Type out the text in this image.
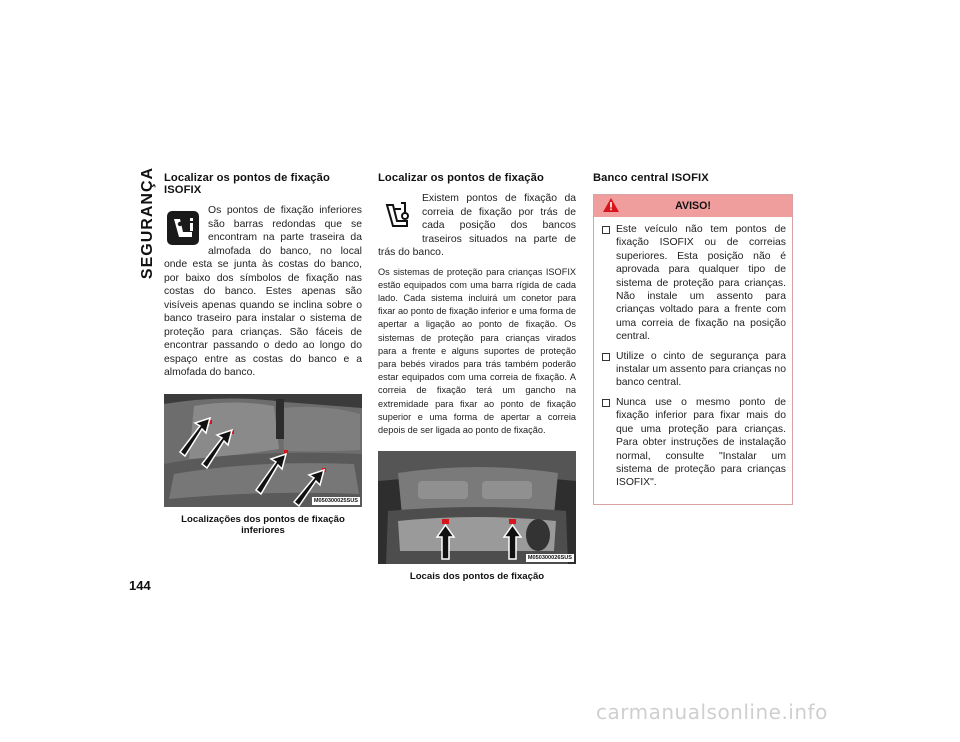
SEGURANÇA Localizar os pontos de fixação ISOFIX

Os pontos de fixação inferiores são barras redondas que se encontram na parte traseira da almofada do banco, no local onde esta se junta às costas do banco, por baixo dos símbolos de fixação nas costas do banco. Estes apenas são visíveis apenas quando se inclina sobre o banco traseiro para instalar o sistema de proteção para crianças. São fáceis de encontrar passando o dedo ao longo do espaço entre as costas do banco e a almofada do banco.

M050300025SUS
Localizações dos pontos de fixação inferiores
Localizar os pontos de fixação

Existem pontos de fixação da correia de fixação por trás de cada posição dos bancos traseiros situados na parte de trás do banco.

Os sistemas de proteção para crianças ISOFIX estão equipados com uma barra rígida de cada lado. Cada sistema incluirá um conetor para fixar ao ponto de fixação inferior e uma forma de apertar a ligação ao ponto de fixação. Os sistemas de proteção para crianças virados para a frente e alguns suportes de proteção para bebés virados para trás também poderão estar equipados com uma correia de fixação. A correia de fixação terá um gancho na extremidade para fixar ao ponto de fixação superior e uma forma de apertar a correia depois de ser ligada ao ponto de fixação.

M050300026SUS
Locais dos pontos de fixação
Banco central ISOFIX
AVISO!
Este veículo não tem pontos de fixação ISOFIX ou de correias superiores. Esta posição não é aprovada para qualquer tipo de sistema de proteção para crianças. Não instale um assento para crianças voltado para a frente com uma correia de fixação na posição central.
Utilize o cinto de segurança para instalar um assento para crianças no banco central.
Nunca use o mesmo ponto de fixação inferior para fixar mais do que uma proteção para crianças. Para obter instruções de instalação normal, consulte "Instalar um sistema de proteção para crianças ISOFIX".
144
carmanualsonline.info
